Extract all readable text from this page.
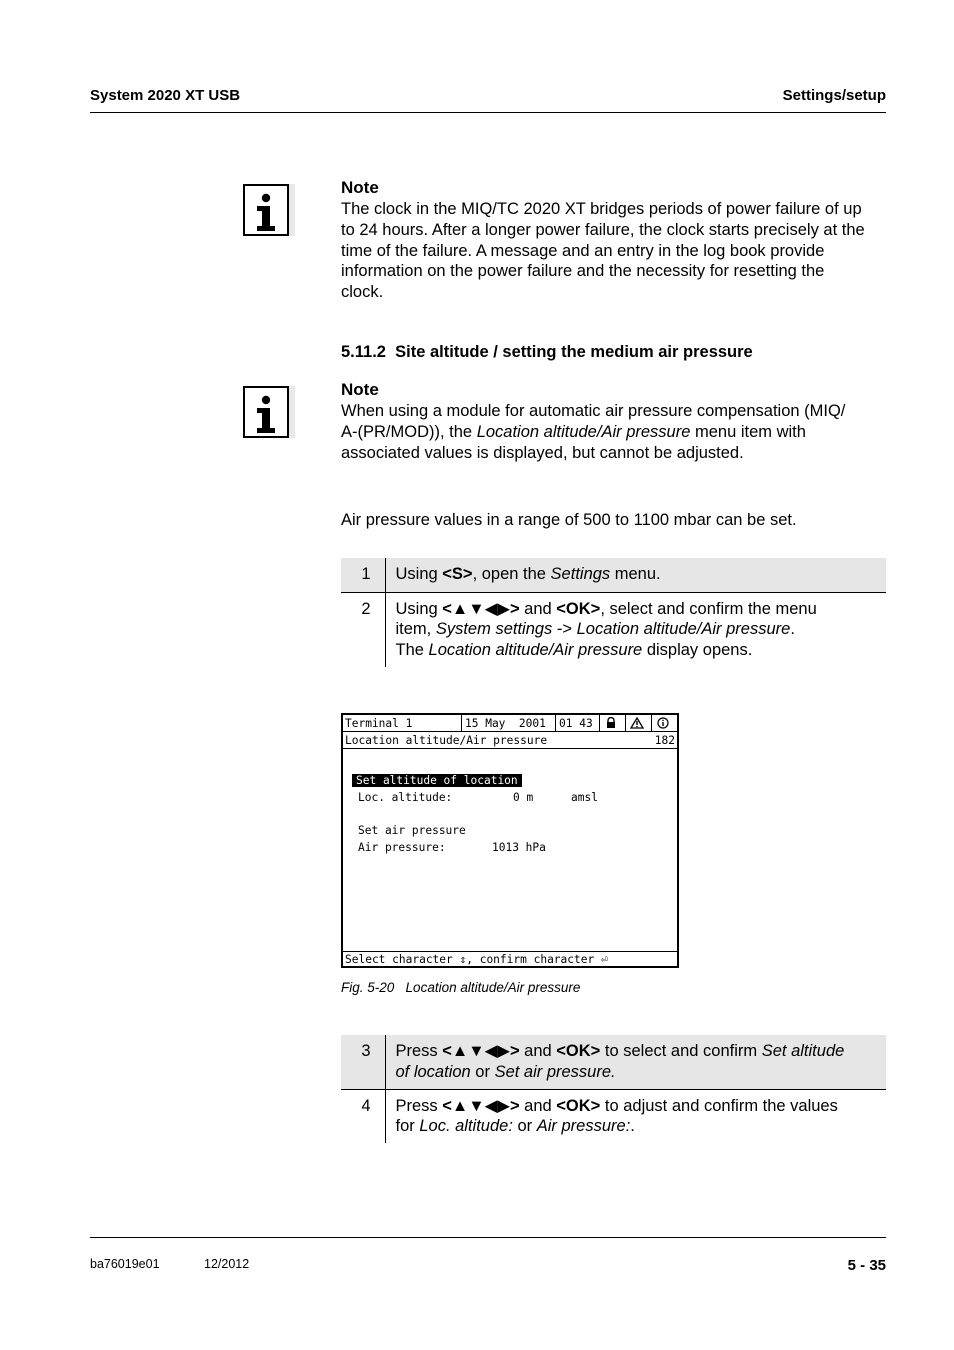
System 2020 XT USB	Settings/setup
Note
The clock in the MIQ/TC 2020 XT bridges periods of power failure of up
to 24 hours. After a longer power failure, the clock starts precisely at the
time of the failure. A message and an entry in the log book provide
information on the power failure and the necessity for resetting the
clock.
5.11.2 Site altitude / setting the medium air pressure
Note
When using a module for automatic air pressure compensation (MIQ/
A-(PR/MOD)), the Location altitude/Air pressure menu item with
associated values is displayed, but cannot be adjusted.
Air pressure values in a range of 500 to 1100 mbar can be set.
1	Using <S>, open the Settings menu.
2	Using <▲▼◀▶> and <OK>, select and confirm the menu
item, System settings -> Location altitude/Air pressure.
The Location altitude/Air pressure display opens.
Terminal 1	15 May  2001 01 43
Location altitude/Air pressure	182
Set altitude of location
Loc. altitude:	0 m	amsl
Set air pressure
Air pressure:	1013 hPa
Select character ⇕, confirm character ⏎
Fig. 5-20 Location altitude/Air pressure
3	Press <▲▼◀▶> and <OK> to select and confirm Set altitude
of location or Set air pressure.

4	Press <▲▼◀▶> and <OK> to adjust and confirm the values
for Loc. altitude: or Air pressure:.
ba76019e01	12/2012	5 - 35
